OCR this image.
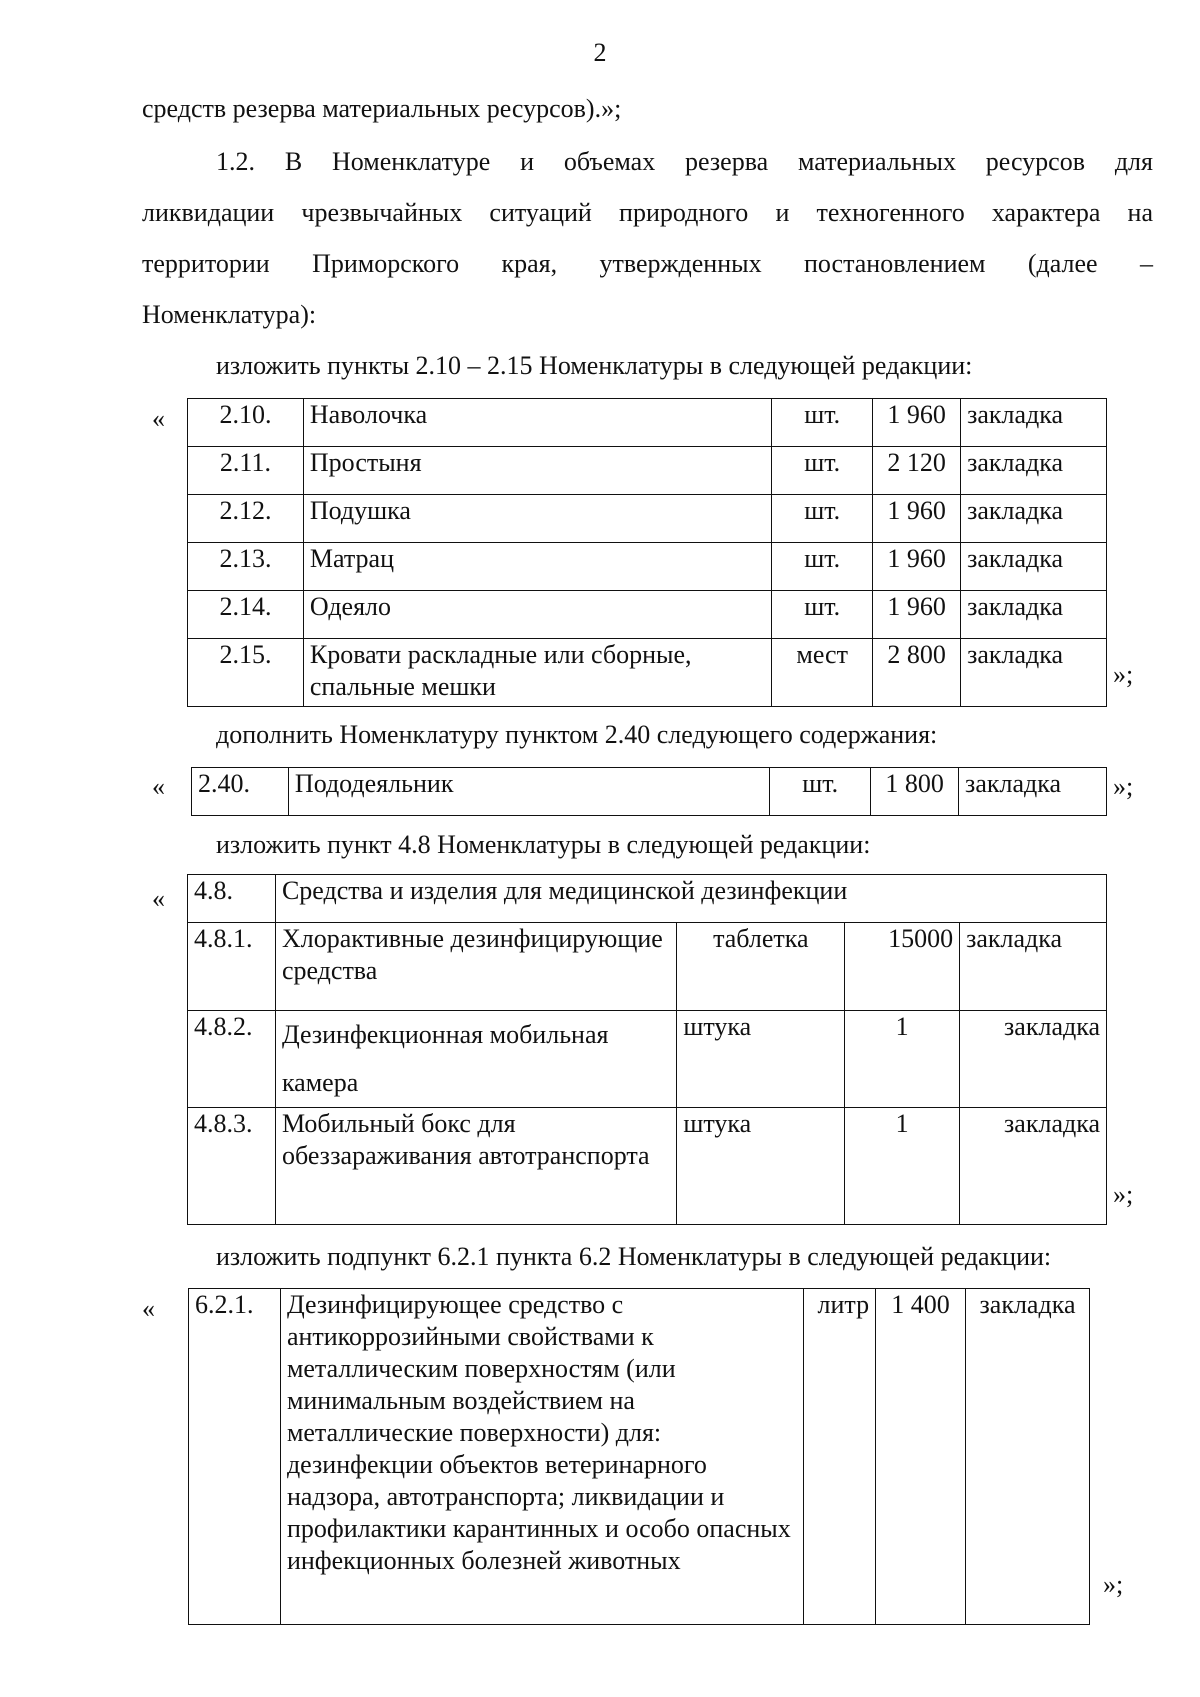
2
средств резерва материальных ресурсов).»;
1.2. В Номенклатуре и объемах резерва материальных ресурсов для
ликвидации чрезвычайных ситуаций природного и техногенного характера на
территории Приморского края, утвержденных постановлением (далее –
Номенклатура):
изложить пункты 2.10 – 2.15 Номенклатуры в следующей редакции:
« 2.10.	Наволочка	шт.	1 960	закладка
2.11.	Простыня	шт.	2 120	закладка
2.12.	Подушка	шт.	1 960	закладка
2.13.	Матрац	шт.	1 960	закладка
2.14.	Одеяло	шт.	1 960	закладка
2.15.	Кровати раскладные или сборные, спальные мешки	мест	2 800	закладка
»;
дополнить Номенклатуру пунктом 2.40 следующего содержания:
« 2.40.	Пододеяльник	шт.	1 800	закладка »;
изложить пункт 4.8 Номенклатуры в следующей редакции:
« 4.8.	Средства и изделия для медицинской дезинфекции			
4.8.1.	Хлорактивные дезинфицирующие средства	таблетка	15000	закладка
4.8.2.	Дезинфекционная мобильная камера	штука	1	закладка
4.8.3.	Мобильный бокс для обеззараживания автотранспорта	штука	1	закладка
»;
изложить подпункт 6.2.1 пункта 6.2 Номенклатуры в следующей редакции:
« 6.2.1.	Дезинфицирующее средство с антикоррозийными свойствами к металлическим поверхностям (или минимальным воздействием на металлические поверхности) для: дезинфекции объектов ветеринарного надзора, автотранспорта; ликвидации и профилактики карантинных и особо опасных инфекционных болезней животных	литр	1 400	закладка
»;
